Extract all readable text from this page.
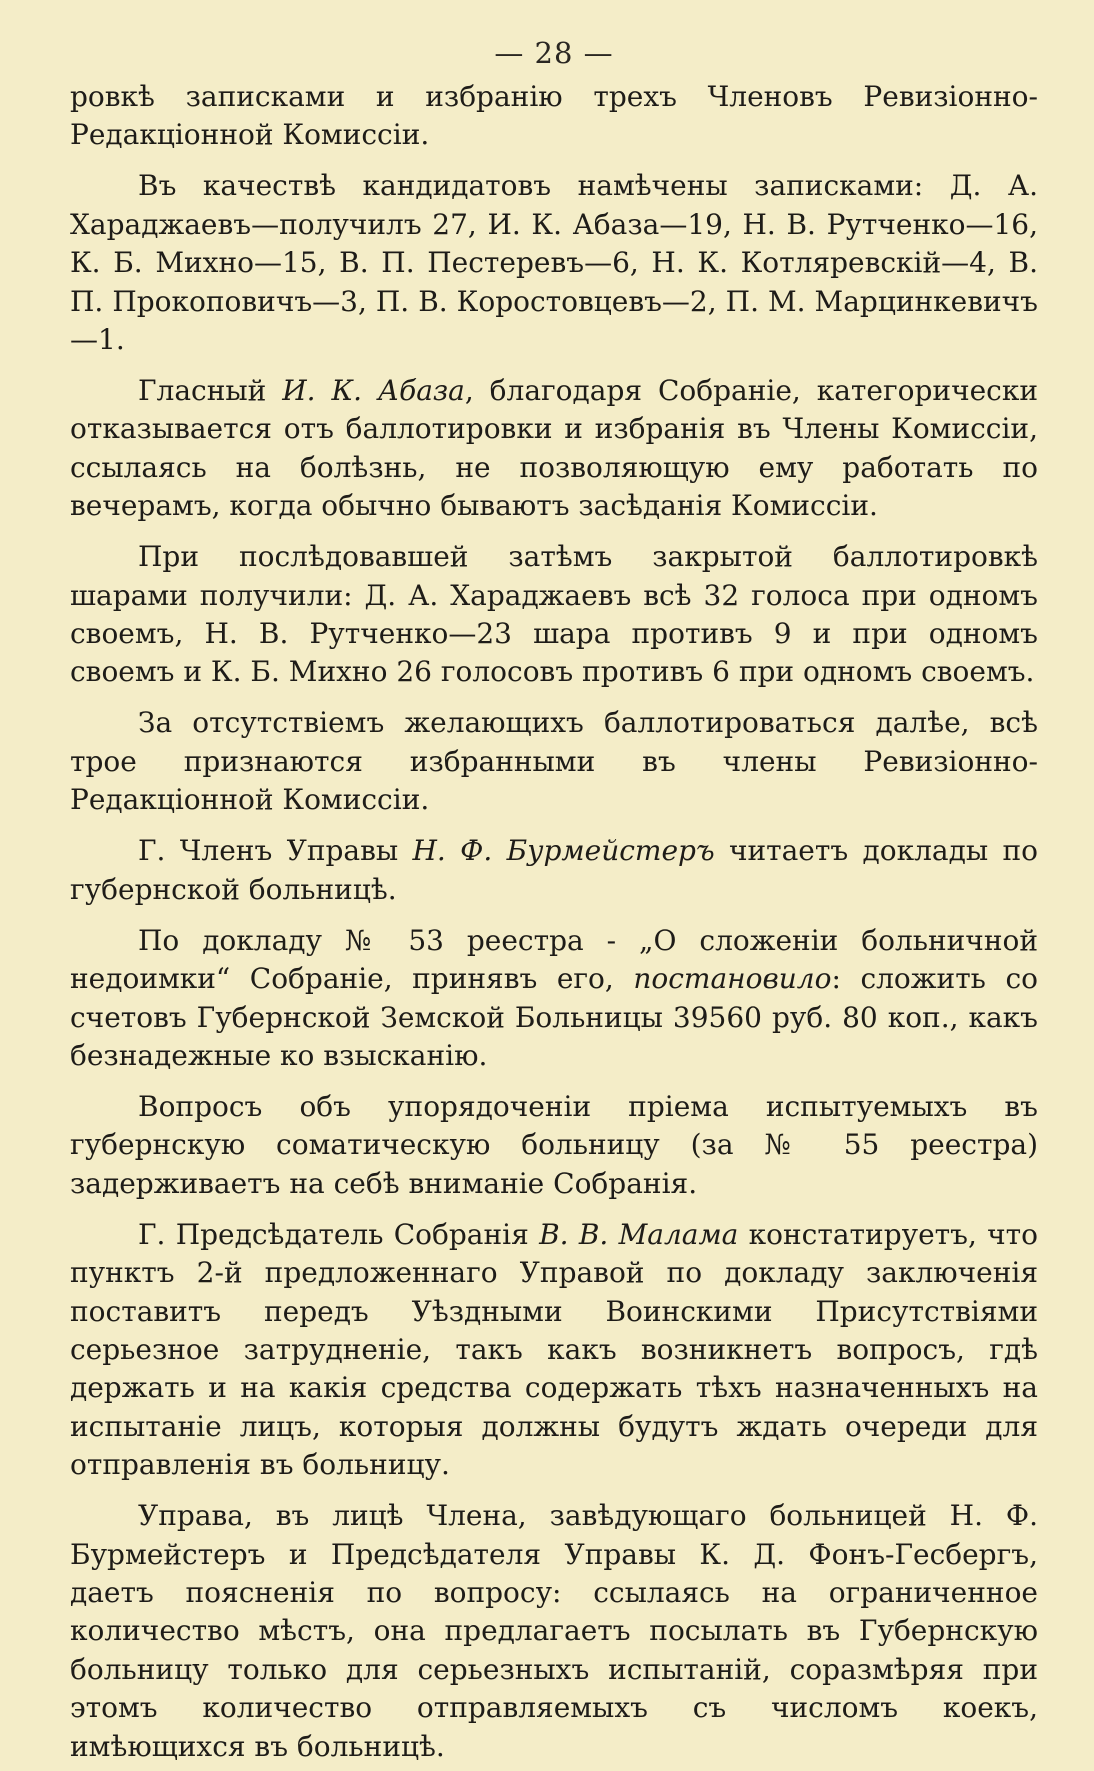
— 28 —

ровкѣ записками и избранію трехъ Членовъ Ревизіонно-Редакціонной Комиссіи.

Въ качествѣ кандидатовъ намѣчены записками: Д. А. Хараджаевъ—получилъ 27, И. К. Абаза—19, Н. В. Рутченко—16, К. Б. Михно—15, В. П. Пестеревъ—6, Н. К. Котляревскій—4, В. П. Прокоповичъ—3, П. В. Коростовцевъ—2, П. М. Марцинкевичъ—1.

Гласный И. К. Абаза, благодаря Собраніе, категорически отказывается отъ баллотировки и избранія въ Члены Комиссіи, ссылаясь на болѣзнь, не позволяющую ему работать по вечерамъ, когда обычно бываютъ засѣданія Комиссіи.

При послѣдовавшей затѣмъ закрытой баллотировкѣ шарами получили: Д. А. Хараджаевъ всѣ 32 голоса при одномъ своемъ, Н. В. Рутченко—23 шара противъ 9 и при одномъ своемъ и К. Б. Михно 26 голосовъ противъ 6 при одномъ своемъ.

За отсутствіемъ желающихъ баллотироваться далѣе, всѣ трое признаются избранными въ члены Ревизіонно-Редакціонной Комиссіи.

Г. Членъ Управы Н. Ф. Бурмейстеръ читаетъ доклады по губернской больницѣ.

По докладу № 53 реестра - „О сложеніи больничной недоимки“ Собраніе, принявъ его, постановило: сложить со счетовъ Губернской Земской Больницы 39560 руб. 80 коп., какъ безнадежные ко взысканію.

Вопросъ объ упорядоченіи пріема испытуемыхъ въ губернскую соматическую больницу (за № 55 реестра) задерживаетъ на себѣ вниманіе Собранія.

Г. Предсѣдатель Собранія В. В. Малама констатируетъ, что пунктъ 2-й предложеннаго Управой по докладу заключенія поставитъ передъ Уѣздными Воинскими Присутствіями серьезное затрудненіе, такъ какъ возникнетъ вопросъ, гдѣ держать и на какія средства содержать тѣхъ назначенныхъ на испытаніе лицъ, которыя должны будутъ ждать очереди для отправленія въ больницу.

Управа, въ лицѣ Члена, завѣдующаго больницей Н. Ф. Бурмейстеръ и Предсѣдателя Управы К. Д. Фонъ-Гесбергъ, даетъ поясненія по вопросу: ссылаясь на ограниченное количество мѣстъ, она предлагаетъ посылать въ Губернскую больницу только для серьезныхъ испытаній, соразмѣряя при этомъ количество отправляемыхъ съ числомъ коекъ, имѣющихся въ больницѣ.
